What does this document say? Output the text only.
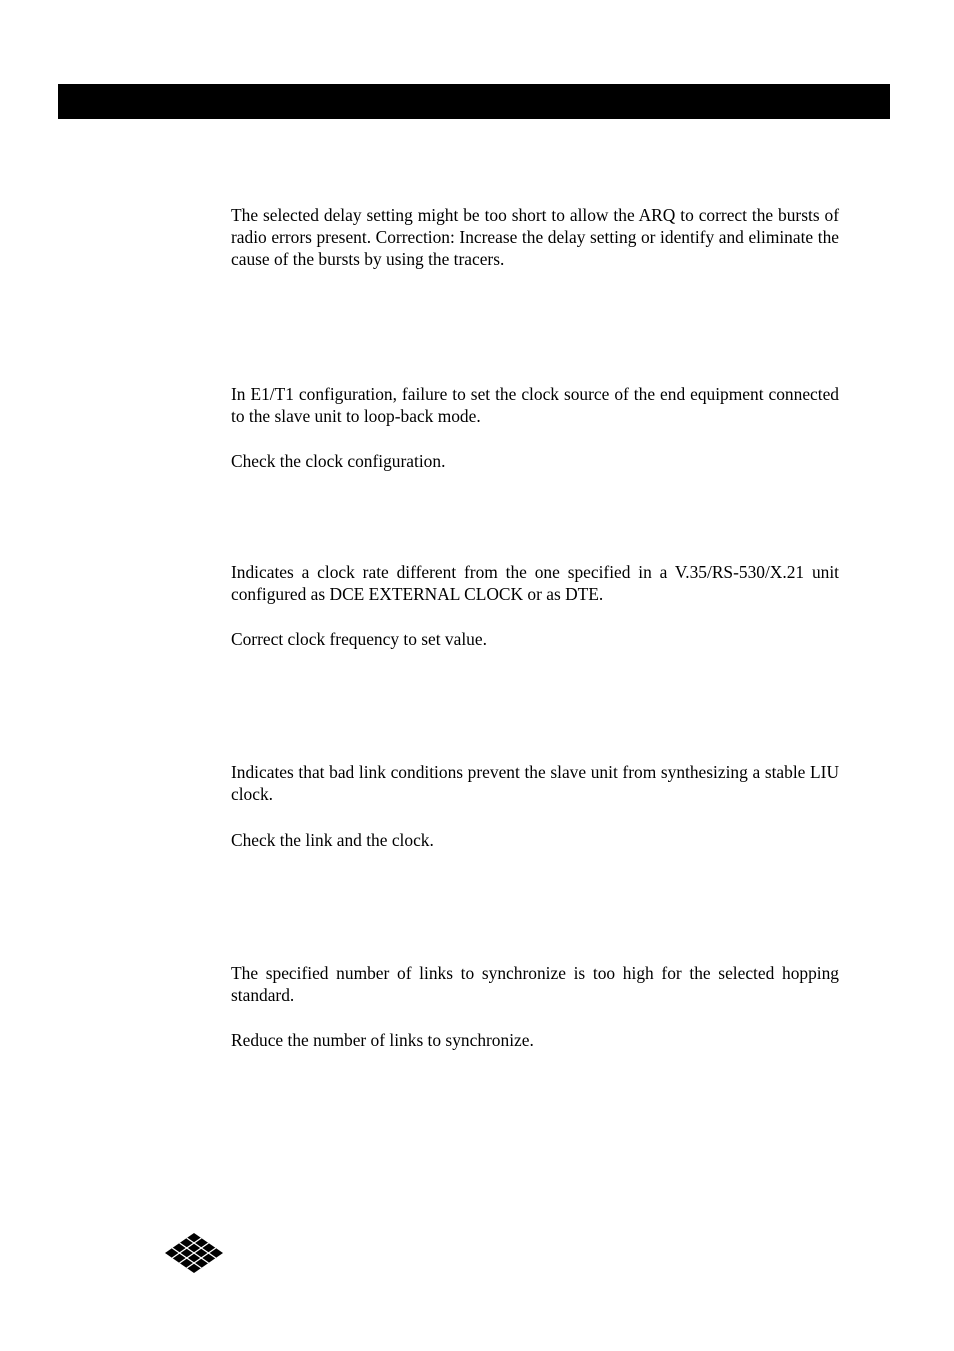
The selected delay setting might be too short to allow the ARQ to correct the bursts of radio errors present. Correction: Increase the delay setting or identify and eliminate the cause of the bursts by using the tracers.

In E1/T1 configuration, failure to set the clock source of the end equipment connected to the slave unit to loop-back mode.

Check the clock configuration.

Indicates a clock rate different from the one specified in a V.35/RS-530/X.21 unit configured as DCE EXTERNAL CLOCK or as DTE.

Correct clock frequency to set value.

Indicates that bad link conditions prevent the slave unit from synthesizing a stable LIU clock.

Check the link and the clock.

The specified number of links to synchronize is too high for the selected hopping standard.

Reduce the number of links to synchronize.
